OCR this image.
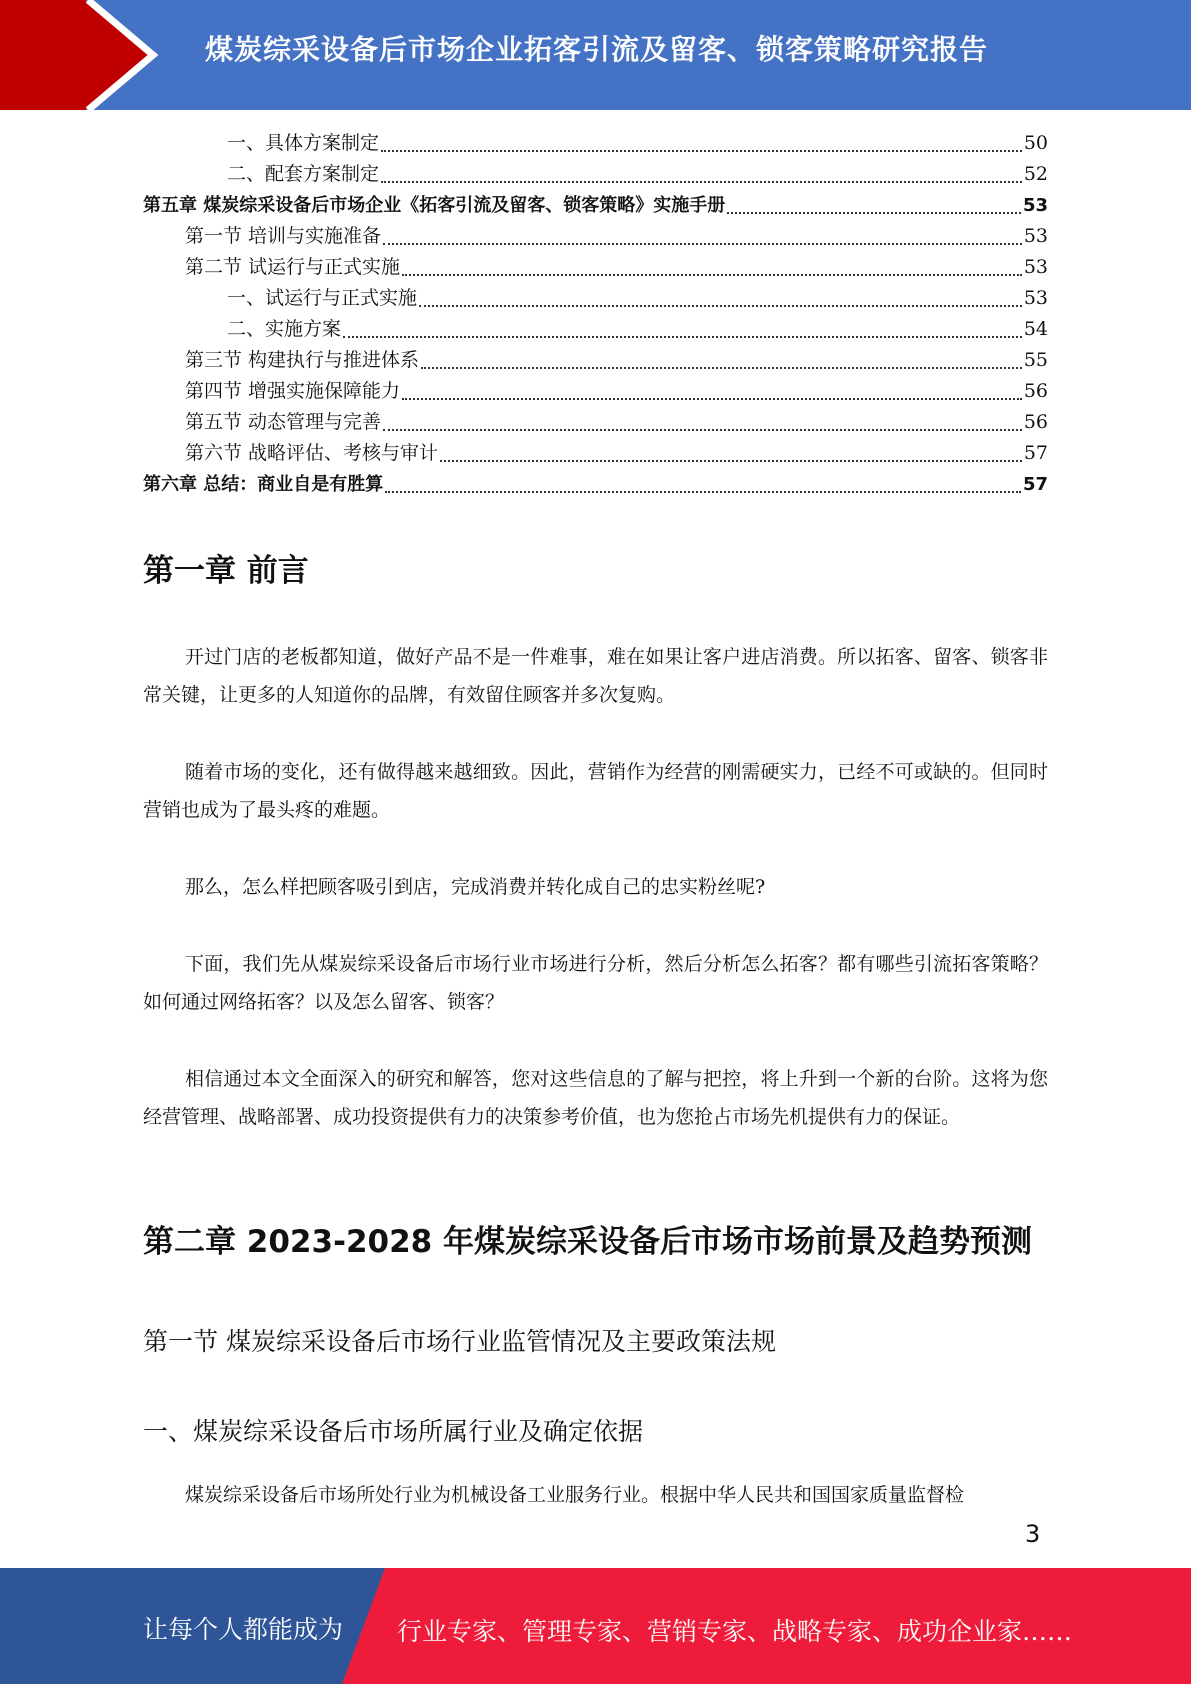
煤炭综采设备后市场企业拓客引流及留客、锁客策略研究报告
一、具体方案制定	50
二、配套方案制定	52
第五章 煤炭综采设备后市场企业《拓客引流及留客、锁客策略》实施手册	53
第一节 培训与实施准备	53
第二节 试运行与正式实施	53
一、试运行与正式实施	53
二、实施方案	54
第三节 构建执行与推进体系	55
第四节 增强实施保障能力	56
第五节 动态管理与完善	56
第六节 战略评估、考核与审计	57
第六章 总结：商业自是有胜算	57
第一章 前言

开过门店的老板都知道，做好产品不是一件难事，难在如果让客户进店消费。所以拓客、留客、锁客非常关键，让更多的人知道你的品牌，有效留住顾客并多次复购。

随着市场的变化，还有做得越来越细致。因此，营销作为经营的刚需硬实力，已经不可或缺的。但同时营销也成为了最头疼的难题。

那么，怎么样把顾客吸引到店，完成消费并转化成自己的忠实粉丝呢?

下面，我们先从煤炭综采设备后市场行业市场进行分析，然后分析怎么拓客？都有哪些引流拓客策略？如何通过网络拓客？以及怎么留客、锁客？

相信通过本文全面深入的研究和解答，您对这些信息的了解与把控，将上升到一个新的台阶。这将为您经营管理、战略部署、成功投资提供有力的决策参考价值，也为您抢占市场先机提供有力的保证。

第二章 2023-2028 年煤炭综采设备后市场市场前景及趋势预测
第一节 煤炭综采设备后市场行业监管情况及主要政策法规
一、煤炭综采设备后市场所属行业及确定依据

煤炭综采设备后市场所处行业为机械设备工业服务行业。根据中华人民共和国国家质量监督检

3
让每个人都能成为 行业专家、管理专家、营销专家、战略专家、成功企业家……
